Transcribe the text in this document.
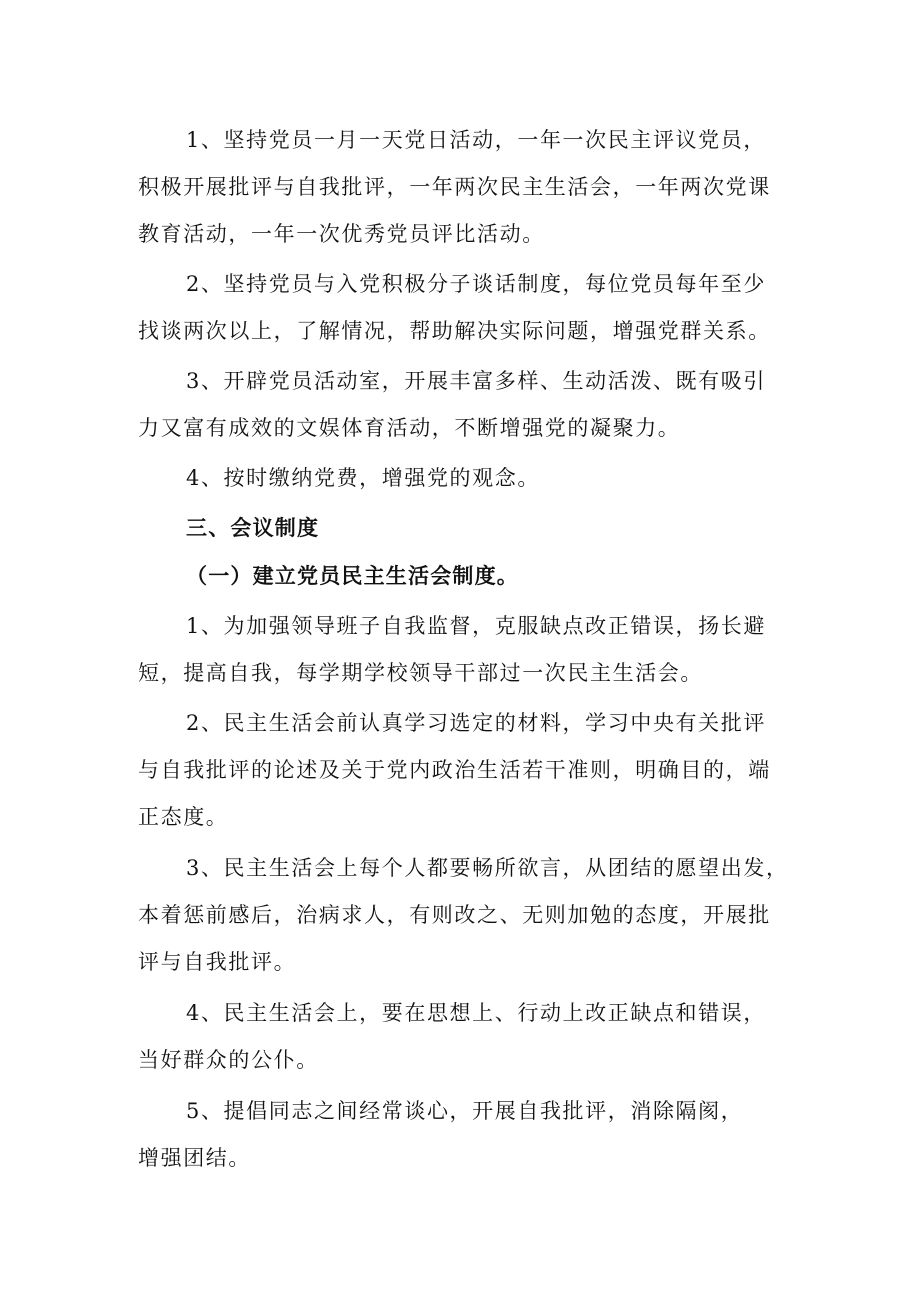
1、坚持党员一月一天党日活动，一年一次民主评议党员，
积极开展批评与自我批评，一年两次民主生活会，一年两次党课
教育活动，一年一次优秀党员评比活动。
2、坚持党员与入党积极分子谈话制度，每位党员每年至少
找谈两次以上，了解情况，帮助解决实际问题，增强党群关系。
3、开辟党员活动室，开展丰富多样、生动活泼、既有吸引
力又富有成效的文娱体育活动，不断增强党的凝聚力。
4、按时缴纳党费，增强党的观念。
三、会议制度
（一）建立党员民主生活会制度。
1、为加强领导班子自我监督，克服缺点改正错误，扬长避
短，提高自我，每学期学校领导干部过一次民主生活会。
2、民主生活会前认真学习选定的材料，学习中央有关批评
与自我批评的论述及关于党内政治生活若干准则，明确目的，端
正态度。
3、民主生活会上每个人都要畅所欲言，从团结的愿望出发，
本着惩前感后，治病求人，有则改之、无则加勉的态度，开展批
评与自我批评。
4、民主生活会上，要在思想上、行动上改正缺点和错误，
当好群众的公仆。
5、提倡同志之间经常谈心，开展自我批评，消除隔阂，
增强团结。
